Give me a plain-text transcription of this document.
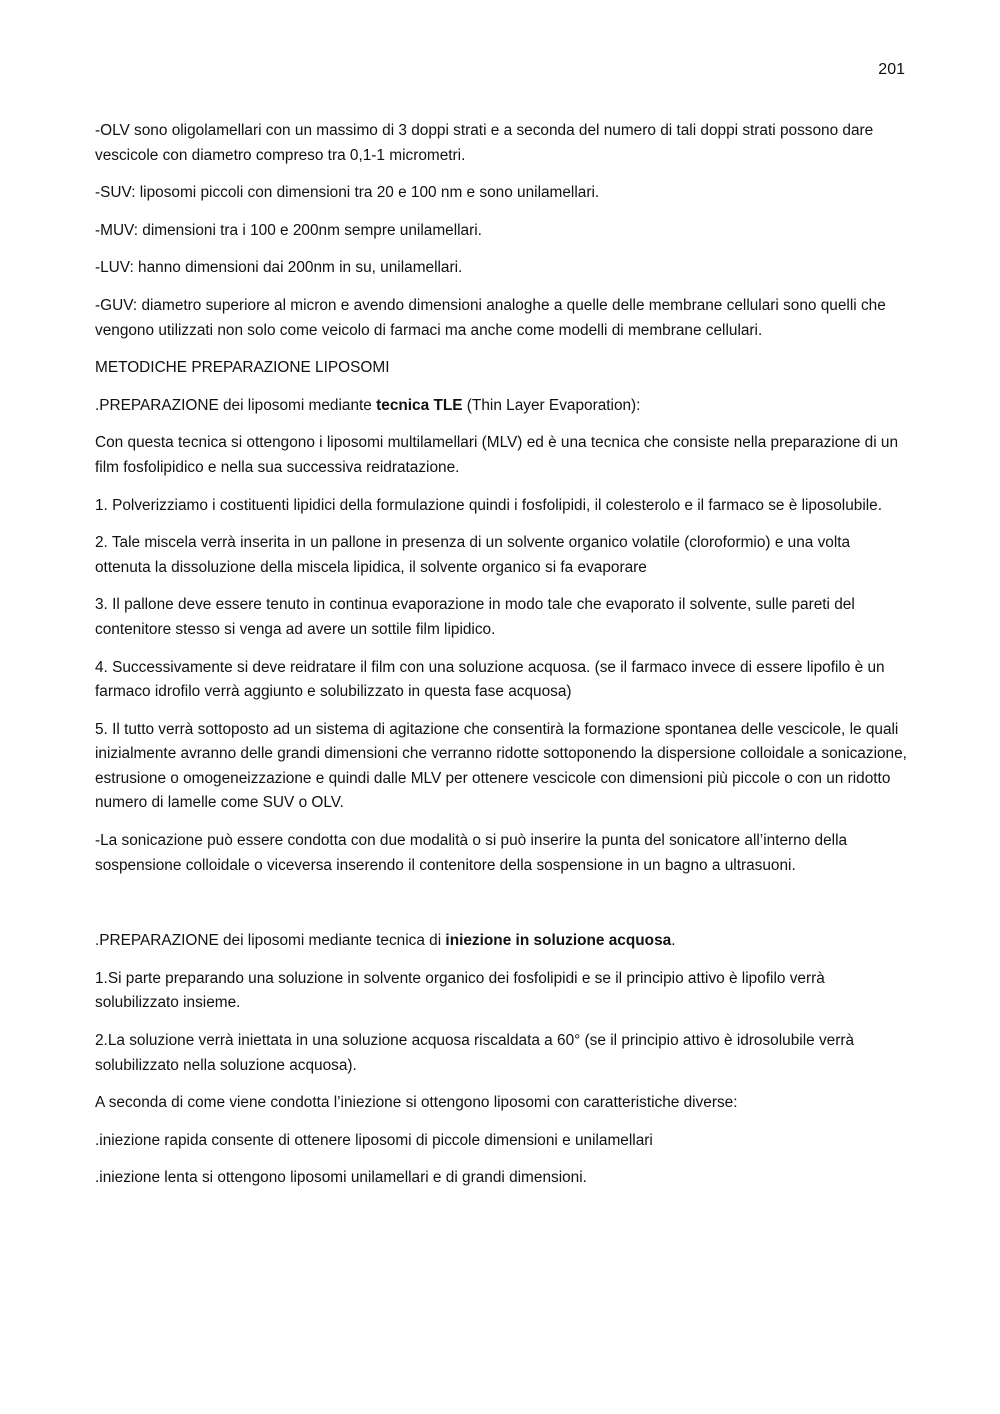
201

-OLV sono oligolamellari con un massimo di 3 doppi strati e a seconda del numero di tali doppi strati possono dare vescicole con diametro compreso tra 0,1-1 micrometri.

-SUV: liposomi piccoli con dimensioni tra 20 e 100 nm e sono unilamellari.

-MUV: dimensioni tra i 100 e 200nm sempre unilamellari.

-LUV: hanno dimensioni dai 200nm in su, unilamellari.

-GUV: diametro superiore al micron e avendo dimensioni analoghe a quelle delle membrane cellulari sono quelli che vengono utilizzati non solo come veicolo di farmaci ma anche come modelli di membrane cellulari.

METODICHE PREPARAZIONE LIPOSOMI

.PREPARAZIONE dei liposomi mediante tecnica TLE (Thin Layer Evaporation):

Con questa tecnica si ottengono i liposomi multilamellari (MLV) ed è una tecnica che consiste nella preparazione di un film fosfolipidico e nella sua successiva reidratazione.

1. Polverizziamo i costituenti lipidici della formulazione quindi i fosfolipidi, il colesterolo e il farmaco se è liposolubile.

2. Tale miscela verrà inserita in un pallone in presenza di un solvente organico volatile (cloroformio) e una volta ottenuta la dissoluzione della miscela lipidica, il solvente organico si fa evaporare

3. Il pallone deve essere tenuto in continua evaporazione in modo tale che evaporato il solvente, sulle pareti del contenitore stesso si venga ad avere un sottile film lipidico.

4. Successivamente si deve reidratare il film con una soluzione acquosa. (se il farmaco invece di essere lipofilo è un farmaco idrofilo verrà aggiunto e solubilizzato in questa fase acquosa)

5. Il tutto verrà sottoposto ad un sistema di agitazione che consentirà la formazione spontanea delle vescicole, le quali inizialmente avranno delle grandi dimensioni che verranno ridotte sottoponendo la dispersione colloidale a sonicazione, estrusione o omogeneizzazione e quindi dalle MLV per ottenere vescicole con dimensioni più piccole o con un ridotto numero di lamelle come SUV o OLV.

-La sonicazione può essere condotta con due modalità o si può inserire la punta del sonicatore all’interno della sospensione colloidale o viceversa inserendo il contenitore della sospensione in un bagno a ultrasuoni.

.PREPARAZIONE dei liposomi mediante tecnica di iniezione in soluzione acquosa.

1.Si parte preparando una soluzione in solvente organico dei fosfolipidi e se il principio attivo è lipofilo verrà solubilizzato insieme.

2.La soluzione verrà iniettata in una soluzione acquosa riscaldata a 60° (se il principio attivo è idrosolubile verrà solubilizzato nella soluzione acquosa).

A seconda di come viene condotta l’iniezione si ottengono liposomi con caratteristiche diverse:

.iniezione rapida consente di ottenere liposomi di piccole dimensioni e unilamellari

.iniezione lenta si ottengono liposomi unilamellari e di grandi dimensioni.
